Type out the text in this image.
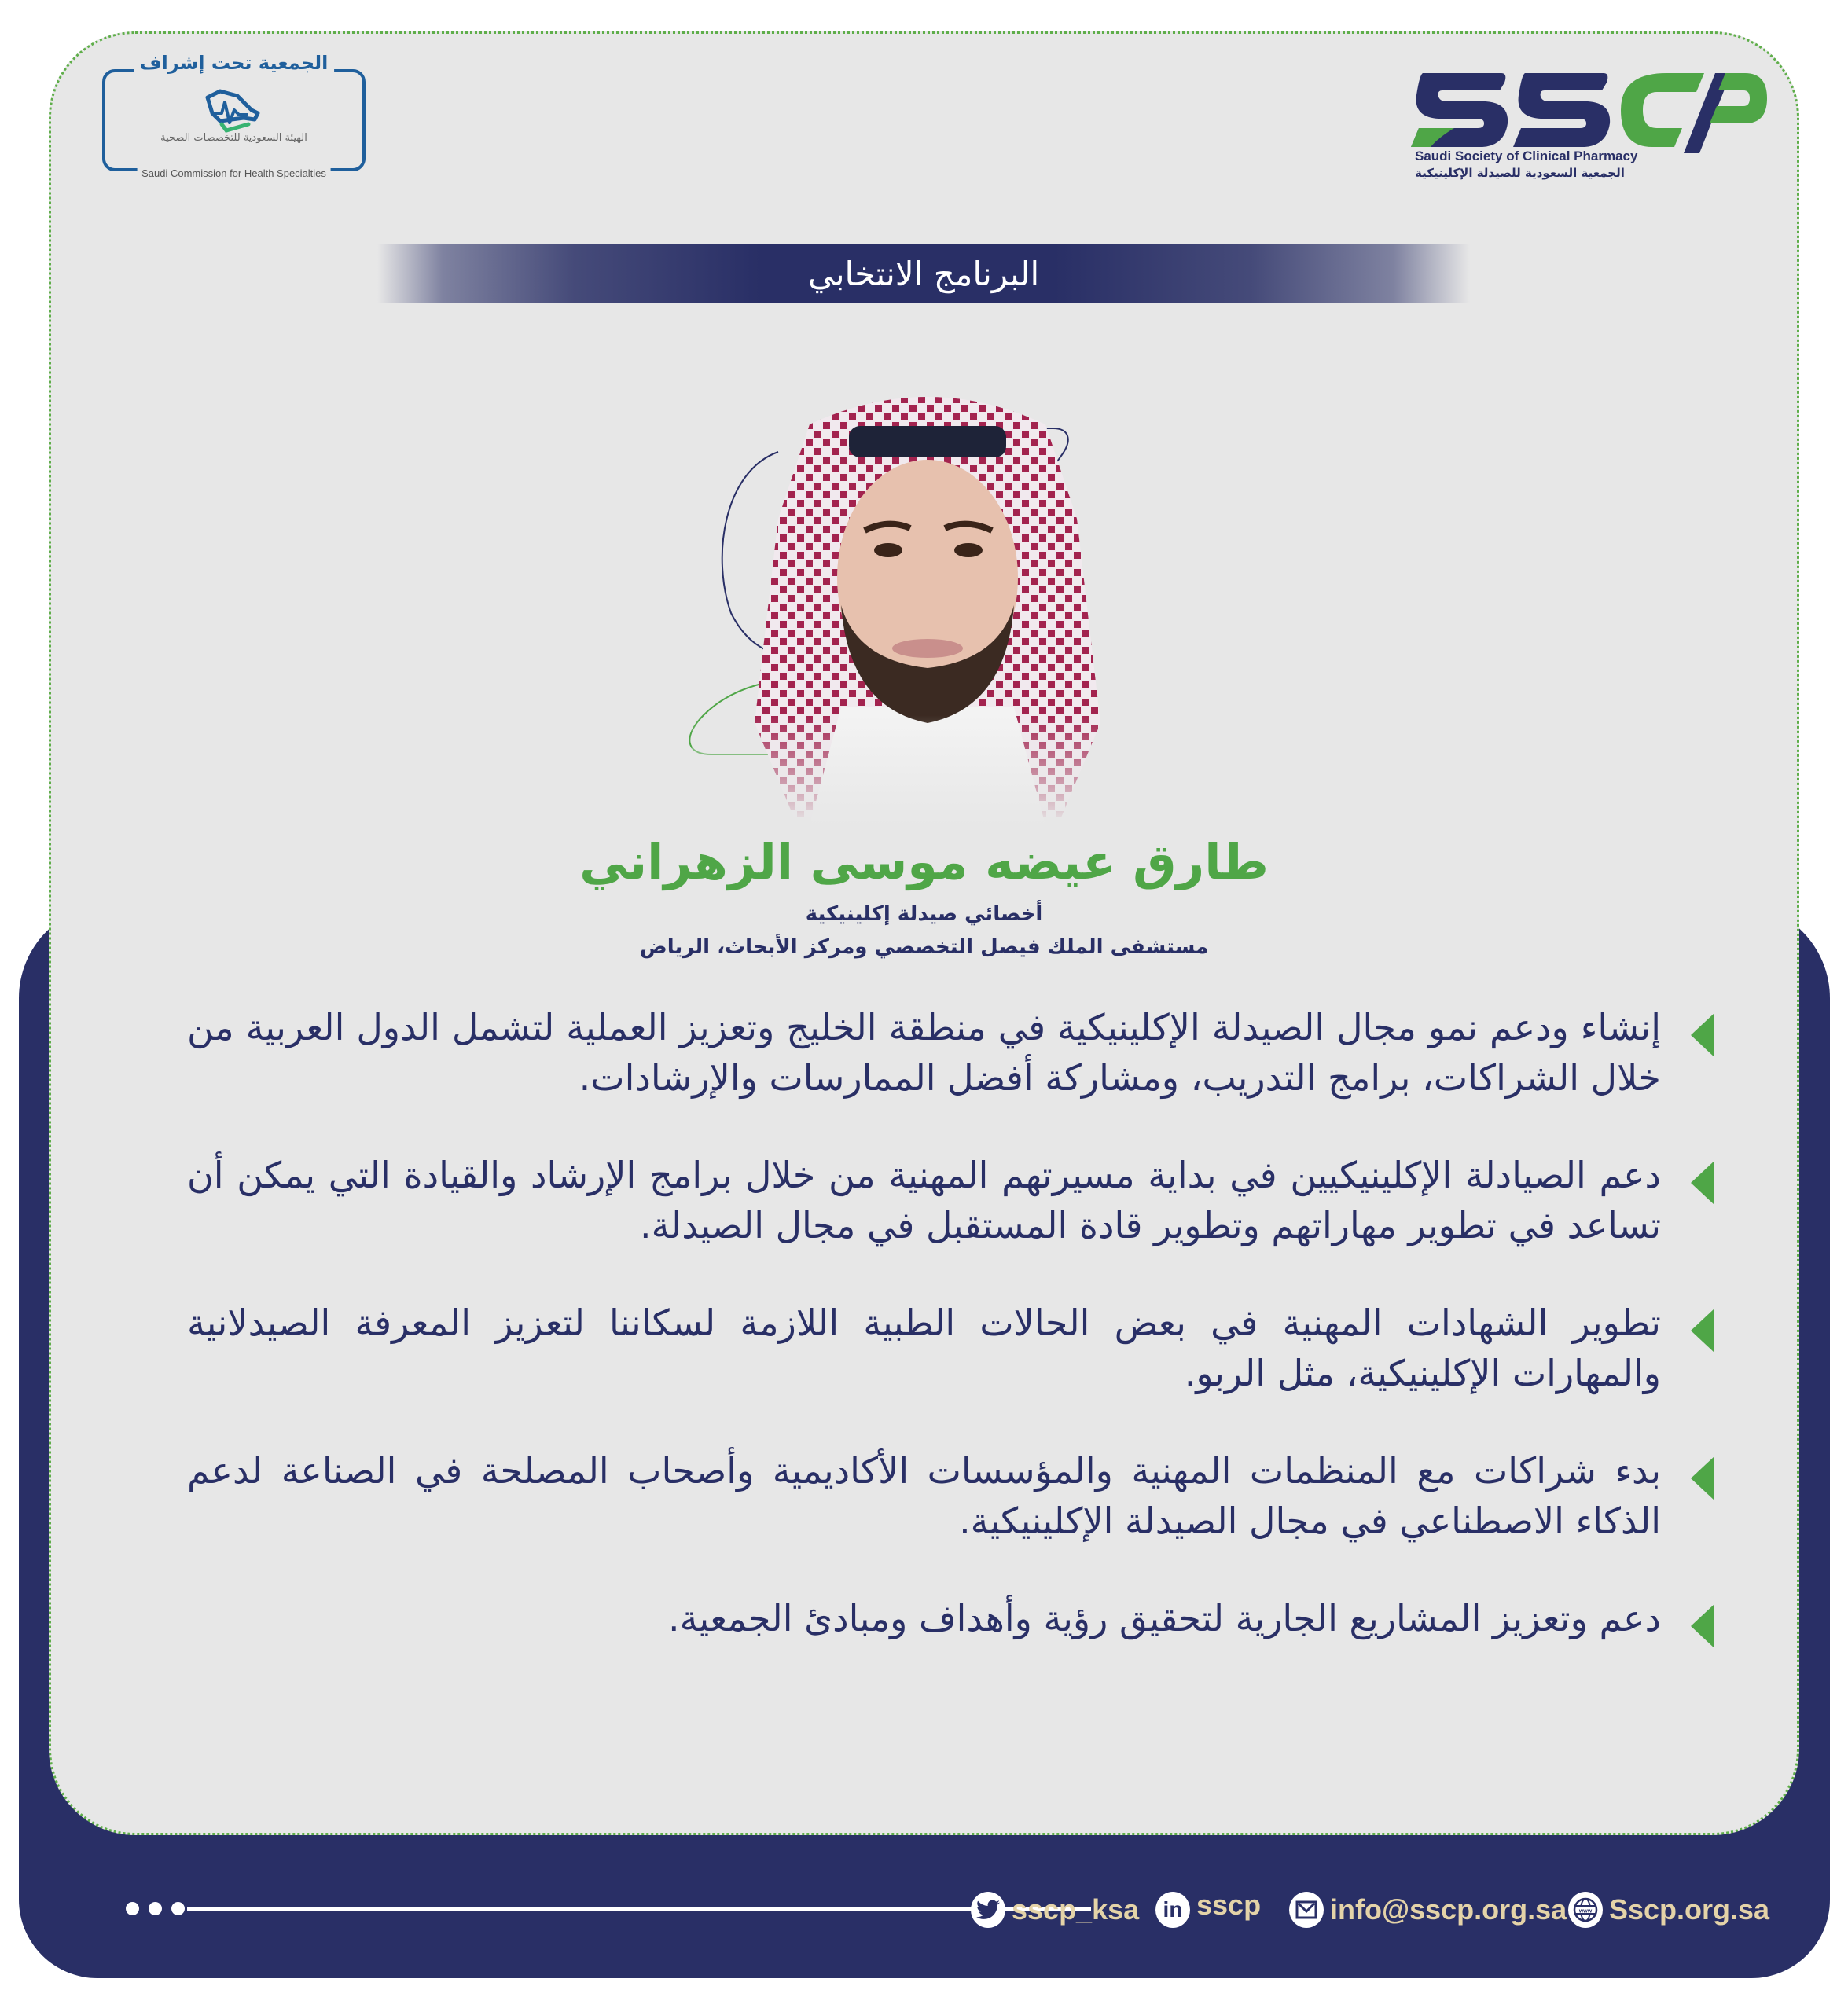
الجمعية تحت إشراف
الهيئة السعودية للتخصصات الصحية
Saudi Commission for Health Specialties
Saudi Society of Clinical Pharmacy
الجمعية السعودية للصيدلة الإكلينيكية
البرنامج الانتخابي
طارق عيضه موسى الزهراني
أخصائي صيدلة إكلينيكية
مستشفى الملك فيصل التخصصي ومركز الأبحاث، الرياض
إنشاء ودعم نمو مجال الصيدلة الإكلينيكية في منطقة الخليج وتعزيز العملية لتشمل الدول العربية من خلال الشراكات، برامج التدريب، ومشاركة أفضل الممارسات والإرشادات.
دعم الصيادلة الإكلينيكيين في بداية مسيرتهم المهنية من خلال برامج الإرشاد والقيادة التي يمكن أن تساعد في تطوير مهاراتهم وتطوير قادة المستقبل في مجال الصيدلة.
تطوير الشهادات المهنية في بعض الحالات الطبية اللازمة لسكاننا لتعزيز المعرفة الصيدلانية والمهارات الإكلينيكية، مثل الربو.
بدء شراكات مع المنظمات المهنية والمؤسسات الأكاديمية وأصحاب المصلحة في الصناعة لدعم الذكاء الاصطناعي في مجال الصيدلة الإكلينيكية.
دعم وتعزيز المشاريع الجارية لتحقيق رؤية وأهداف ومبادئ الجمعية.
sscp_ksa in sscp info@sscp.org.sa www Sscp.org.sa
